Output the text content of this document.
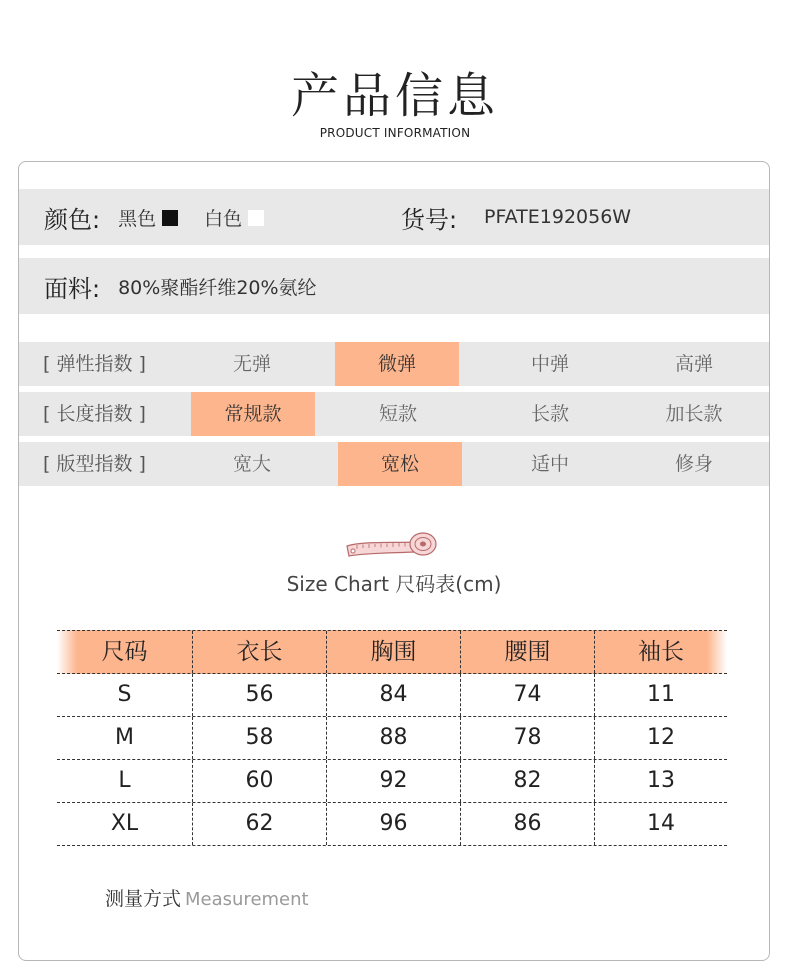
产品信息
PRODUCT INFORMATION
颜色: 黑色	白色	货号: PFATE192056W
面料: 80%聚酯纤维20%氨纶
[ 弹性指数 ]	无弹	微弹	中弹	高弹
[ 长度指数 ]	常规款	短款	长款	加长款
[ 版型指数 ]	宽大	宽松	适中	修身
Size Chart 尺码表(cm)
尺码	衣长	胸围	腰围	袖长
S	56	84	74	11
M	58	88	78	12
L	60	92	82	13
XL	62	96	86	14
测量方式 Measurement
